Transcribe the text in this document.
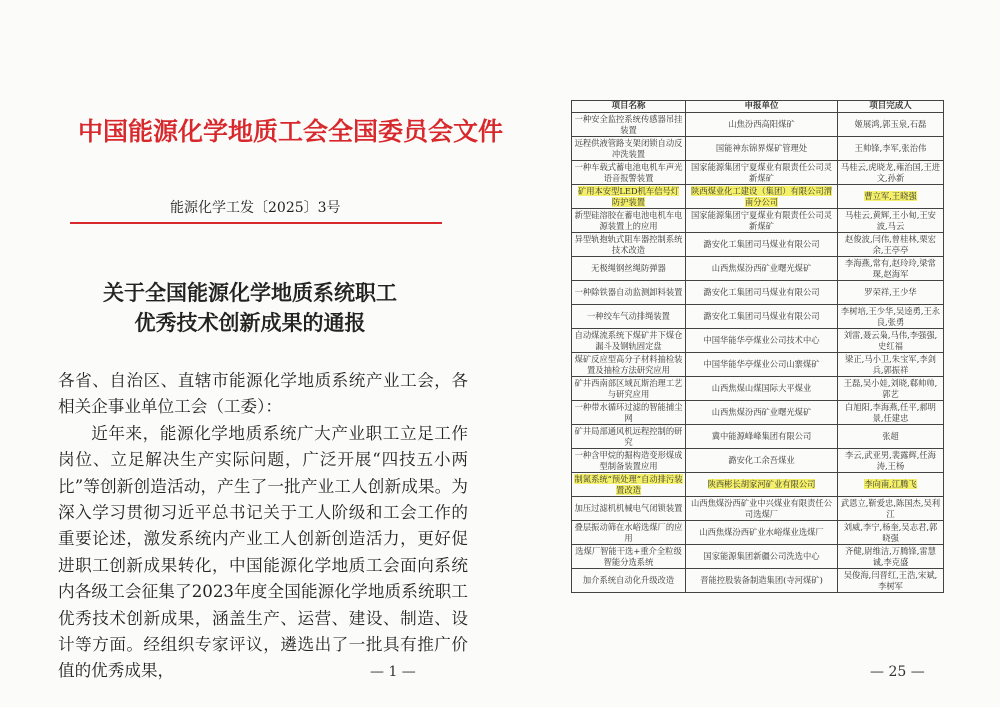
中国能源化学地质工会全国委员会文件
能源化学工发〔2025〕3号
关于全国能源化学地质系统职工
优秀技术创新成果的通报

各省、自治区、直辖市能源化学地质系统产业工会，各相关企事业单位工会（工委）：

近年来，能源化学地质系统广大产业职工立足工作岗位、立足解决生产实际问题，广泛开展“四技五小两比”等创新创造活动，产生了一批产业工人创新成果。为深入学习贯彻习近平总书记关于工人阶级和工会工作的重要论述，激发系统内产业工人创新创造活力，更好促进职工创新成果转化，中国能源化学地质工会面向系统内各级工会征集了2023年度全国能源化学地质系统职工优秀技术创新成果，涵盖生产、运营、建设、制造、设计等方面。经组织专家评议，遴选出了一批具有推广价值的优秀成果，	— 1 —
项目名称	申报单位	项目完成人
一种安全监控系统传感器吊挂装置	山焦汾西高阳煤矿	姬展鸿,郭玉泉,石磊
远程供液管路支架闭锁自动反冲洗装置	国能神东锦界煤矿管理处	王帅锋,李军,张治伟
一种车载式蓄电池电机车声光语音报警装置	国家能源集团宁夏煤业有限责任公司灵新煤矿	马桂云,虎晓龙,雍治国,王进文,孙新
矿用本安型LED机车信号灯防护装置	陕西煤业化工建设（集团）有限公司渭南分公司	曹立军,王晓强
新型硅溶胶在蓄电池电机车电源装置上的应用	国家能源集团宁夏煤业有限责任公司灵新煤矿	马桂云,黄辉,王小甸,王安波,马云
异型轨抱轨式阻车器控制系统技术改造	潞安化工集团司马煤业有限公司	赵俊波,闫伟,曾桂林,栗宏余,王亭亭
无极绳钢丝绳防弹器	山西焦煤汾西矿业曙光煤矿	李海燕,常有,赵玲玲,梁常琛,赵海军
一种除铁器自动监测卸料装置	潞安化工集团司马煤业有限公司	罗荣祥,王少华
一种绞车气动排绳装置	潞安化工集团司马煤业有限公司	李树培,王少华,吴逵勇,王永良,张勇
自动煤流系统下煤矿井下煤仓漏斗及钢轨固定盘	中国华能华亭煤业公司技术中心	刘雷,聂云枭,马伟,李强强,史红福
煤矿反应型高分子材料抽检装置及抽检方法研究应用	中国华能华亭煤业公司山寨煤矿	梁正,马小卫,朱宝军,李剑兵,郭振祥
矿井西南部区域瓦斯治理工艺与研究应用	山西焦煤山煤国际大平煤业	王磊,吴小娃,刘晓,郗帅帅,郭艺
一种带水循环过滤的智能捕尘网	山西焦煤汾西矿业曙光煤矿	白旭阳,李海燕,任平,郝明景,任建忠
矿井局部通风机远程控制的研究	冀中能源峰峰集团有限公司	张超
一种含甲烷的掘构造变形煤成型制备装置应用	潞安化工余吾煤业	李云,武亚男,裴露辉,任海涛,王杨
制氮系统“预处理”自动排污装置改造	陕西彬长胡家河矿业有限公司	李向南,江腾飞
加压过滤机机械电气闭锁装置	山西焦煤汾西矿业中兴煤业有限责任公司选煤厂	武恩立,靳爱忠,陈国杰,吴利江
叠层振动筛在水峪选煤厂的应用	山西焦煤汾西矿业水峪煤业选煤厂	刘威,李宁,杨奎,吴志君,郭晓强
选煤厂智能干选+重介全粒级智能分选系统	国家能源集团新疆公司洗选中心	齐健,尉维洁,万腾锋,雷慧诚,李克盛
加介系统自动化升级改造	晋能控股装备制造集团(寺河煤矿)	吴俊海,闫晋红,王浩,宋斌,李树军
— 25 —
